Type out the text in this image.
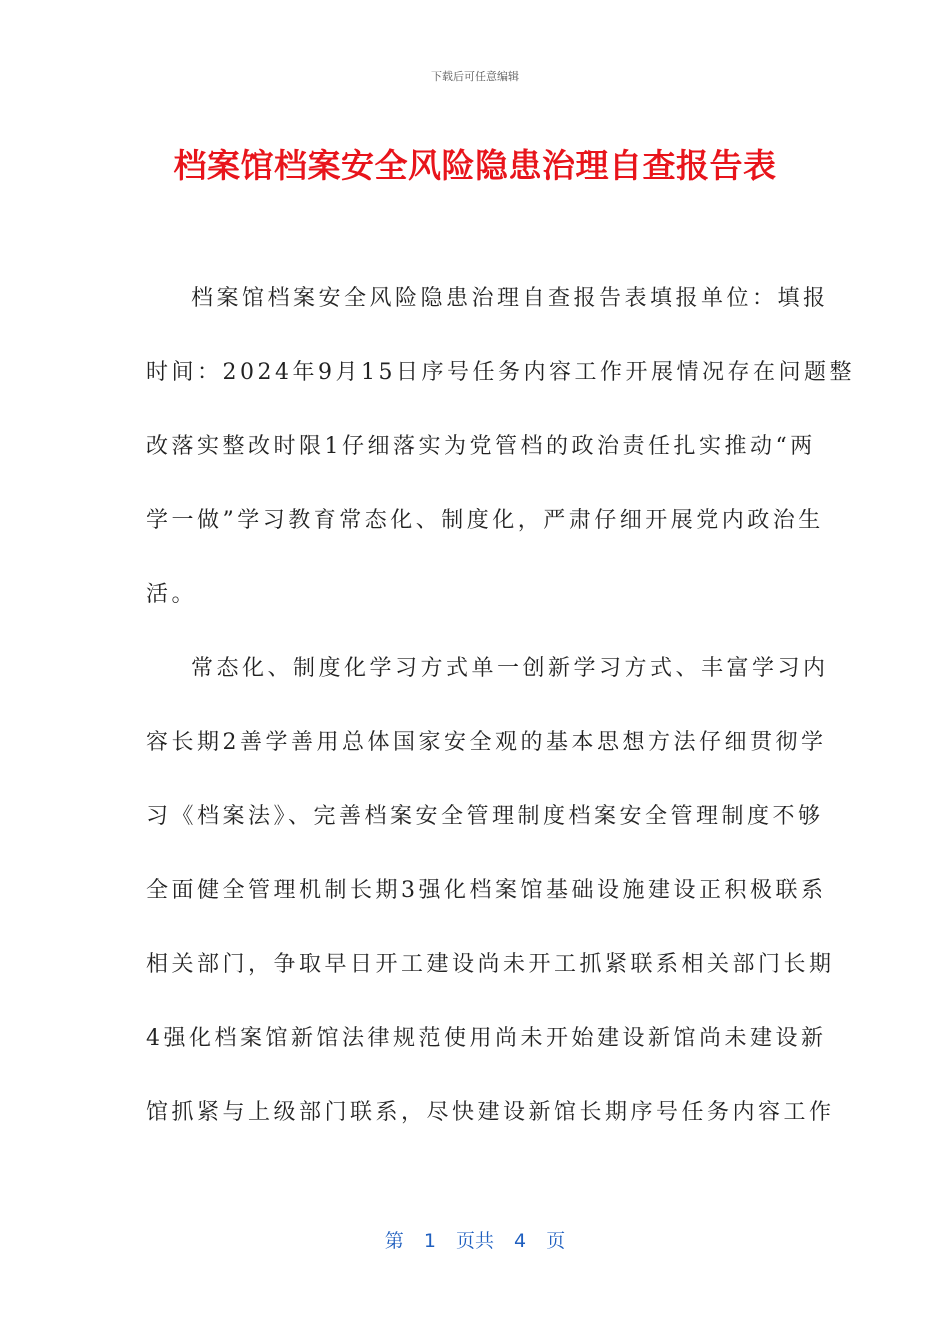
下载后可任意编辑
档案馆档案安全风险隐患治理自查报告表
档案馆档案安全风险隐患治理自查报告表填报单位：填报
时间：2024年9月15日序号任务内容工作开展情况存在问题整
改落实整改时限1仔细落实为党管档的政治责任扎实推动“两
学一做”学习教育常态化、制度化，严肃仔细开展党内政治生
活。
常态化、制度化学习方式单一创新学习方式、丰富学习内
容长期2善学善用总体国家安全观的基本思想方法仔细贯彻学
习《档案法》、完善档案安全管理制度档案安全管理制度不够
全面健全管理机制长期3强化档案馆基础设施建设正积极联系
相关部门，争取早日开工建设尚未开工抓紧联系相关部门长期
4强化档案馆新馆法律规范使用尚未开始建设新馆尚未建设新
馆抓紧与上级部门联系，尽快建设新馆长期序号任务内容工作
第 1 页共 4 页
